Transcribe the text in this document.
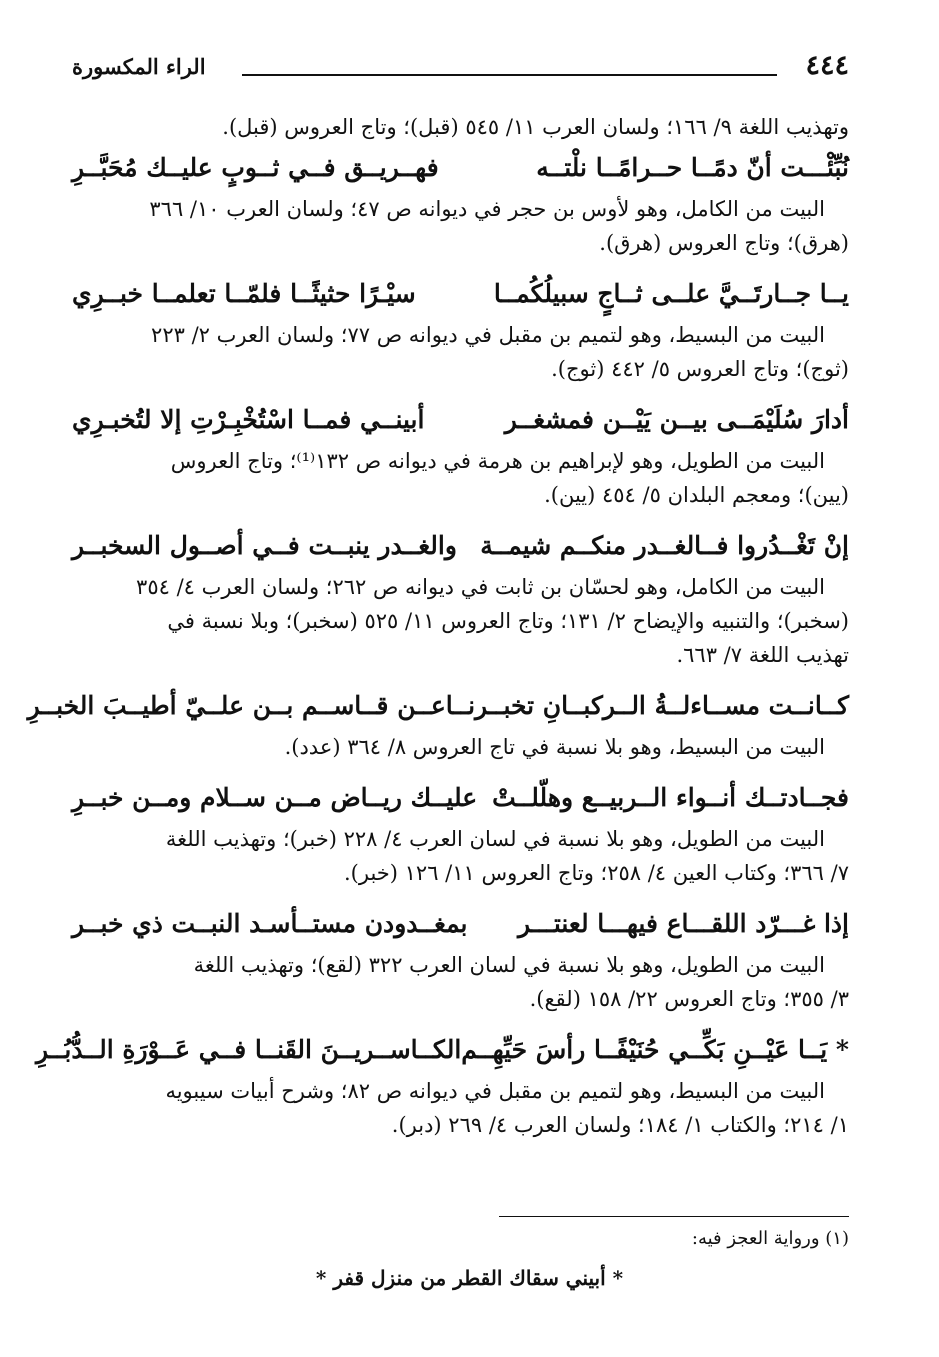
٤٤٤
الراء المكسورة
وتهذيب اللغة ٩/ ١٦٦؛ ولسان العرب ١١/ ٥٤٥ (قبل)؛ وتاج العروس (قبل).
نُبِّئْـــت أنّ دمًــا حــرامًــا نلْتــه
فهــريــق فــي ثــوبٍ عليــك مُحَبَّــرِ
البيت من الكامل، وهو لأوس بن حجر في ديوانه ص ٤٧؛ ولسان العرب ١٠/ ٣٦٦
(هرق)؛ وتاج العروس (هرق).
يــا جــارتَــيَّ علــى ثــاجٍ سبيلُكُمــا
سيْـرًا حثيثًــا فلمّــا تعلمــا خبــرِي
البيت من البسيط، وهو لتميم بن مقبل في ديوانه ص ٧٧؛ ولسان العرب ٢/ ٢٢٣
(ثوج)؛ وتاج العروس ٥/ ٤٤٢ (ثوج).
أدارَ سُلَيْمَــى بيــن يَيْــن فمشغــر
أبينــي فمــا اسْتُخْبِـرْتِ إلا لتُخبـرِي
البيت من الطويل، وهو لإبراهيم بن هرمة في ديوانه ص ١٣٢⁽¹⁾؛ وتاج العروس
(يين)؛ ومعجم البلدان ٥/ ٤٥٤ (يين).
إنْ تَغْــدُروا فــالغــدر منكــم شيمــة
والغــدر ينبــت فــي أصــول السخبــر
البيت من الكامل، وهو لحسّان بن ثابت في ديوانه ص ٢٦٢؛ ولسان العرب ٤/ ٣٥٤
(سخبر)؛ والتنبيه والإيضاح ٢/ ١٣١؛ وتاج العروس ١١/ ٥٢٥ (سخبر)؛ وبلا نسبة في
تهذيب اللغة ٧/ ٦٦٣.
كــانــت مســاءلــةُ الــركبــانِ تخبــرنــا
عــن قــاســم بــن علــيّ أطيــبَ الخبــرِ
البيت من البسيط، وهو بلا نسبة في تاج العروس ٨/ ٣٦٤ (عدد).
فجــادتــك أنــواء الــربيــع وهلّلــتْ
عليــك ريــاض مــن ســلام ومــن خبــرِ
البيت من الطويل، وهو بلا نسبة في لسان العرب ٤/ ٢٢٨ (خبر)؛ وتهذيب اللغة
٧/ ٣٦٦؛ وكتاب العين ٤/ ٢٥٨؛ وتاج العروس ١١/ ١٢٦ (خبر).
إذا غـــرّد اللقـــاع فيهـــا لعنتـــر
بمغــدودن مستــأسـد النبــت ذي خبــر
البيت من الطويل، وهو بلا نسبة في لسان العرب ٣٢٢ (لقع)؛ وتهذيب اللغة
٣/ ٣٥٥؛ وتاج العروس ٢٢/ ١٥٨ (لقع).
* يَــا عَيْــنِ بَكِّــي حُنَيْفًــا رأسَ حَيِّهِــم
الكــاســريــنَ القَنــا فــي عَــوْرَةِ الــدُّبُــرِ
البيت من البسيط، وهو لتميم بن مقبل في ديوانه ص ٨٢؛ وشرح أبيات سيبويه
١/ ٢١٤؛ والكتاب ١/ ١٨٤؛ ولسان العرب ٤/ ٢٦٩ (دبر).
(١) ورواية العجز فيه:
* أبيني سقاك القطر من منزل قفر *
